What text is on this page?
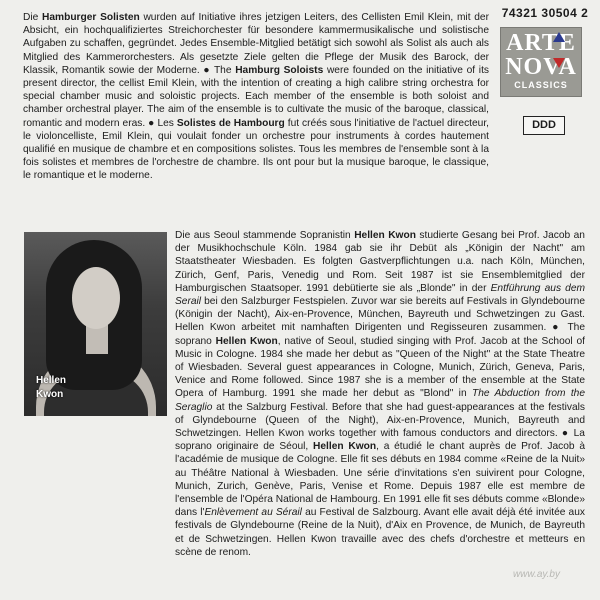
74321 30504 2
ARTE
NOVA
CLASSICS
DDD

Die Hamburger Solisten wurden auf Initiative ihres jetzigen Leiters, des Cellisten Emil Klein, mit der Absicht, ein hochqualifiziertes Streichorchester für besondere kammermusikalische und solistische Aufgaben zu schaffen, gegründet. Jedes Ensemble-Mitglied betätigt sich sowohl als Solist als auch als Mitglied des Kammerorchesters. Als gesetzte Ziele gelten die Pflege der Musik des Barock, der Klassik, Romantik sowie der Moderne. ● The Hamburg Soloists were founded on the initiative of its present director, the cellist Emil Klein, with the intention of creating a high calibre string orchestra for special chamber music and soloistic projects. Each member of the ensemble is both soloist and chamber orchestral player. The aim of the ensemble is to cultivate the music of the baroque, classical, romantic and modern eras. ● Les Solistes de Hambourg fut créés sous l'initiative de l'actuel directeur, le violoncelliste, Emil Klein, qui voulait fonder un orchestre pour instruments à cordes hautement qualifié en musique de chambre et en compositions solistes. Tous les membres de l'ensemble sont à la fois solistes et membres de l'orchestre de chambre. Ils ont pour but la musique baroque, le classique, le romantique et le moderne.

Hellen
Kwon

Die aus Seoul stammende Sopranistin Hellen Kwon studierte Gesang bei Prof. Jacob an der Musikhochschule Köln. 1984 gab sie ihr Debüt als „Königin der Nacht" am Staatstheater Wiesbaden. Es folgten Gastverpflichtungen u.a. nach Köln, München, Zürich, Genf, Paris, Venedig und Rom. Seit 1987 ist sie Ensemblemitglied der Hamburgischen Staatsoper. 1991 debütierte sie als „Blonde" in der Entführung aus dem Serail bei den Salzburger Festspielen. Zuvor war sie bereits auf Festivals in Glyndebourne (Königin der Nacht), Aix-en-Provence, München, Bayreuth und Schwetzingen zu Gast. Hellen Kwon arbeitet mit namhaften Dirigenten und Regisseuren zusammen. ● The soprano Hellen Kwon, native of Seoul, studied singing with Prof. Jacob at the School of Music in Cologne. 1984 she made her debut as "Queen of the Night" at the State Theatre of Wiesbaden. Several guest appearances in Cologne, Munich, Zürich, Geneva, Paris, Venice and Rome followed. Since 1987 she is a member of the ensemble at the State Opera of Hamburg. 1991 she made her debut as "Blond" in The Abduction from the Seraglio at the Salzburg Festival. Before that she had guest-appearances at the festivals of Glyndebourne (Queen of the Night), Aix-en-Provence, Munich, Bayreuth and Schwetzingen. Hellen Kwon works together with famous conductors and directors. ● La soprano originaire de Séoul, Hellen Kwon, a étudié le chant auprès de Prof. Jacob à l'académie de musique de Cologne. Elle fit ses débuts en 1984 comme «Reine de la Nuit» au Théâtre National à Wiesbaden. Une série d'invitations s'en suivirent pour Cologne, Munich, Zurich, Genève, Paris, Venise et Rome. Depuis 1987 elle est membre de l'ensemble de l'Opéra National de Hambourg. En 1991 elle fit ses débuts comme «Blonde» dans l'Enlèvement au Sérail au Festival de Salzbourg. Avant elle avait déjà été invitée aux festivals de Glyndebourne (Reine de la Nuit), d'Aix en Provence, de Munich, de Bayreuth et de Schwetzingen. Hellen Kwon travaille avec des chefs d'orchestre et metteurs en scène de renom.

www.ay.by
